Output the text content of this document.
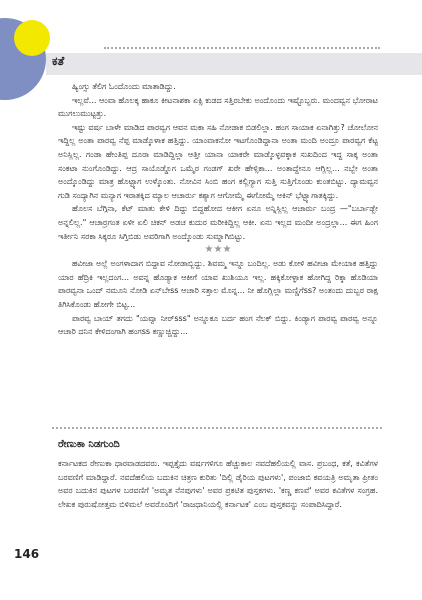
ಕತೆ

ಹ್ಯಿಂಗ್ಸು ತೆಲಿಗ ಓಂದೊಂದು ಮಾತಾಡಿದ್ದು.

ಇಲ್ಲವೆ... ಆಂವಾ ಹೊಲಕ್ಕ ಹಾಕೂ ಕೀಟನಾಶಕಾ ಏಕ್ಸಿ ಕುಡದ ಸತ್ತಿರಬೇಕು ಅಂದೊಂದು ಇಷ್ಟೊಬ್ಬರು. ಮಂದವ್ವನ ಭೋರಾಟ ಮುಗಲುಮುಟ್ಟತ್ತು.

ಇಷ್ಟು ವರ್ಷ ಬಾಳೇ ಮಾಡಿದ ಪಾರವ್ವಗ ಆವನ ಮಕಾ ಸಹಿ ನೋಡಾಕ ಬಿಡಲಿಲ್ಲಾ. ಹಂಗ ಸಾಯಾಕ ಏನಾಗಿತ್ತು? ಚೋಲೋನ ಇದ್ದಿಲ್ಲ ಅಂತಾ ಪಾರವ್ವ ನೆಪ್ಪ ಮಾಡ್ಕೊಳಾಕ ಹತ್ತಿದ್ದು. ಯಾಂವಾಕನೋ ಇಟಗೊಂಡಿದ್ದಾನಾ ಅಂತಾ ಮಂದಿ ಅಂದ್ರೂ ಪಾರವ್ವಗ ಕೆಟ್ಟ ಅನಿಸ್ಲಿಲ್ಲ. ಗಂಡಾ ಹೇಂತಿಪ್ಪ ದೂರಾ ಮಾಡಿದ್ದಿಲ್ಲಾ ಆತ್ತೀ ಯಾನಾ ಯಾಕರೇ ಮಾಡ್ಕೊಳ್ಳವಕ್ಕಾಕ ಸುಖದಿಂದ ಇದ್ದ ಸಾಕ್ಕ ಅಂತಾ ಸಂಕಟಾ ನುಂಗೊಂಡಿದ್ದು. ಆದ್ರ ಸಾಯೊಡ್ಡೊಗ ಒಮ್ಮೆರ ಗಂಡಗ್ ಖರೇ ಹೇಳ್ಸಿಕಾ... ಅಂತಾದ್ದೇನೂ ಆಗ್ಲಿಲ್ಲ... ನಬ್ಬೇ ಅಂತಾ ಅಂದ್ಕೊಂಡಿದ್ದು ಮಾತ್ರ ಹೊಟ್ಟ್ಯಾಗ ಉಳ್ಕೊಂತು. ನೋವಿನ ಸಿಂಬಿ ಹಂಗ ಕಲ್ಲಿಗ್ಯಾಗ ಸುತ್ತಿ ಸುತ್ತಿಗೊಂಡು ಕುಂತಬಿಟ್ಟು. ದ್ಯಾಮವ್ವನ ಗುಡಿ ಸಂದ್ಯಾಗಿನ ಮನ್ಯಾಗ ಇರಾತಕ್ಕಿದ ಮ್ಯಾಲ ಆಚಾರ್ರು ಕಶ್ಯಾಗ ಆಗೋಮ್ಮೆ ಈಗೋಮ್ಮೆ ಆಕಿನ್ ಭೆಟ್ಟ್ಯಾಗಾತಕ್ಕಿದ್ದು.

ಹೊಲಸ ಬೆಗ್ಗಿನಾ, ಕೆಟ್ ಮಾತು ಕೇಳಿ ದಿದ್ದು ಬಿದ್ದಹೋದ ಆಕೀಗ ಏನೂ ಅನ್ನಿಸ್ಲಿಲ್ಲ ಆಚಾರ್ರು ಬಂದ್ರ —"ಬರ್ಬಾಡ್ಬೇ ಅನ್ನಲಿಲ್ಲ." ಆಚಾರ್ರಗಂತ ಏಳೀ ಏಲಿ ಚಿಕನ್ ಅಡಚ ಕುದುರ ಮರೀಕಿದ್ದಿಲ್ಲ ಆಕೀ. ಏನು ಇಲ್ಲದ ಮಂದೀ ಅಂದ್ರಲ್ಲಾ... ಈಗ ಹಿಂಗ ಇರ್ತೀನಿ ಸರಕಾ ಸಿಕ್ಕರೂ ಸಿಗ್ತಿಬಿಡು ಅವರಿಗಾಗಿ ಅಂದ್ಕೊಂಡು ಸುಮ್ನಾಗಿಬಿಟ್ಟು.

★★★

ಹವೀಜಾ ಅಲ್ಲೆ ಅಂಗಳಾದಾಗ ಬಿದ್ದಾವ ನೋಡಾಬ್ಬಿದ್ದು. ಶಿವಮ್ಮ ಇನ್ನೂ ಬಂದಿಲ್ಲ. ಅಡು ಕೋಳಿ ಹವೀಜಾ ಮೇಯಾಕ ಹತ್ತಿದ್ದು ಯಾರ ಹೆದ್ರಿಕಿ ಇಲ್ಲದಂಗ... ಅವನ್ನ ಹೊಡ್ಯಾಕ ಆಕೀಗೆ ಯಾವ ಖುಶಿಯೂ ಇಲ್ಲ. ಹಕ್ಕಿಕೋಳ್ಳಾಕ ಹೋಗಿದ್ದ ರಿಕ್ಕಾ ಹೊಡಿಯಾ ಪಾರವ್ವನಾ ಒಂದ್ ನಮೂನಿ ನೋಡಿ ಏನ್‌ಬೇss ಆಚಾರಿ ಸತ್ತಾಲ ಮೊನ್ನ... ನೀ ಹೊಗ್ಲಿಲ್ಲಾ ಮಣ್ಣಿಗೆ‌ss? ಅಂತಂದು ದುಬ್ಬರ ರಾಕ್ಷ ತಿಗಿಸಿಕೊಂಡು ಹೋಗೇ ಬಿಟ್ಟ...

ಪಾರವ್ವ ಬಾಯ್ ತಗದು "ಯವ್ವಾ ನೀರ್‌sss" ಅನ್ನೂಕೂ ಬರ್ದ ಹಂಗ ನೆಲಕ್ ಬಿದ್ದು. ಕಿಂಡ್ಯಾಗ ಪಾರವ್ವ ಪಾರವ್ವ ಅನ್ನೂ ಆಚಾರಿ ದನಿನ ಕೇಳಿದಂಗಾಗಿ ಹಂಗss ಕಣ್ಣುಚ್ಚಿದ್ದು...

ರೇಣುಕಾ ನಿಡಗುಂದಿ
ಕರ್ನಾಟಕದ ರೇಣುಕಾ ಧಾರವಾಡದವರು. ಇಪ್ಪತ್ತೈದು ವರ್ಷಗಳಿಗೂ ಹೆಚ್ಚುಕಾಲ ನವದೆಹಲಿಯಲ್ಲಿ ವಾಸ. ಪ್ರಬಂಧ, ಕತೆ, ಕವಿತೆಗಳ ಬರವಣಿಗೆ ಮಾಡಿದ್ದಾರೆ. ನವದೆಹಲಿಯ ಬದುಕಿನ ಚಿತ್ರಣ ಕುರಿತು 'ದಿಲ್ಲಿ ಡೈರಿಯ ಪುಟಗಳು', ಪಂಜಾಬಿ ಕವಯತ್ರಿ ಅಮೃತಾ ಪ್ರೀತಂ ಅವರ ಬದುಕಿನ ಪುಟಗಳ ಬರವಣಿಗೆ 'ಅಮೃತ ನೆನಪುಗಳು' ಅವರ ಪ್ರಕಟಿತ ಪುಸ್ತಕಗಳು. 'ಕಣ್ಣ ಕಣವೆ' ಅವರ ಕವಿತೆಗಳ ಸಂಗ್ರಹ. ಲೇಖಕ ಪುರುಷೋತ್ತಮ ಬಿಳಿಮಲೆ ಅವರೊಂದಿಗೆ 'ರಾಜಧಾನಿಯಲ್ಲಿ ಕರ್ನಾಟಕ' ಎಂಬ ಪುಸ್ತಕವನ್ನು ಸಂಪಾದಿಸಿದ್ದಾರೆ.
146
